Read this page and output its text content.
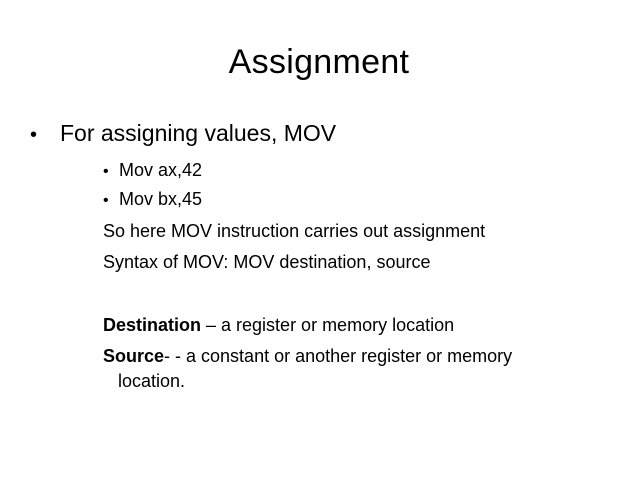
Assignment
• For assigning values, MOV
• Mov ax,42
• Mov bx,45
So here MOV instruction carries out assignment
Syntax of MOV: MOV destination, source
Destination – a register or memory location
Source- - a constant or another register or memory
location.
